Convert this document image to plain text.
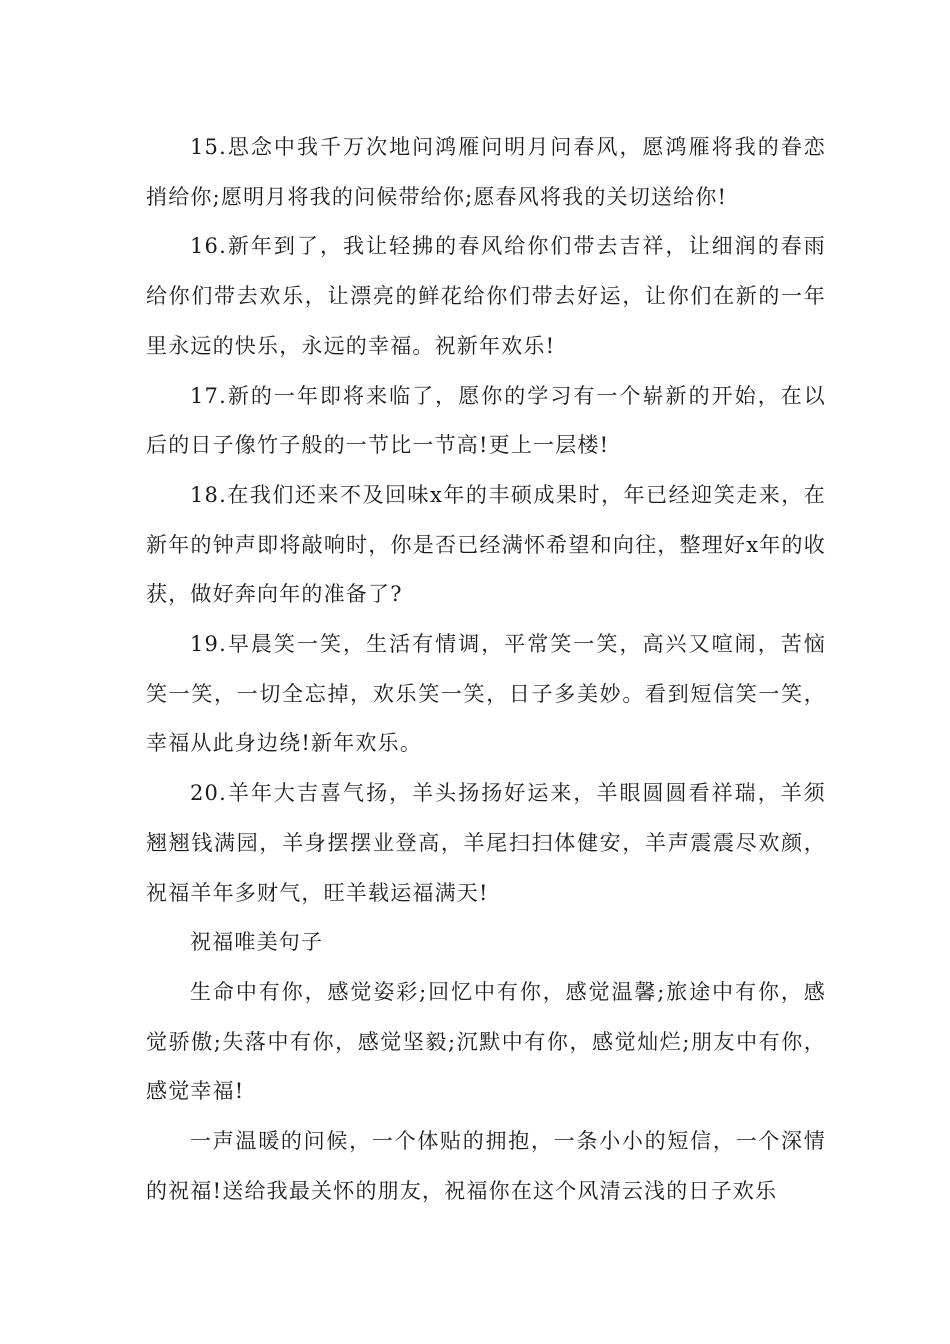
15.思念中我千万次地问鸿雁问明月问春风，愿鸿雁将我的眷恋捎给你;愿明月将我的问候带给你;愿春风将我的关切送给你!

16.新年到了，我让轻拂的春风给你们带去吉祥，让细润的春雨给你们带去欢乐，让漂亮的鲜花给你们带去好运，让你们在新的一年里永远的快乐，永远的幸福。祝新年欢乐!

17.新的一年即将来临了，愿你的学习有一个崭新的开始，在以后的日子像竹子般的一节比一节高!更上一层楼!

18.在我们还来不及回味x年的丰硕成果时，年已经迎笑走来，在新年的钟声即将敲响时，你是否已经满怀希望和向往，整理好x年的收获，做好奔向年的准备了?

19.早晨笑一笑，生活有情调，平常笑一笑，高兴又喧闹，苦恼笑一笑，一切全忘掉，欢乐笑一笑，日子多美妙。看到短信笑一笑，幸福从此身边绕!新年欢乐。

20.羊年大吉喜气扬，羊头扬扬好运来，羊眼圆圆看祥瑞，羊须翘翘钱满园，羊身摆摆业登高，羊尾扫扫体健安，羊声震震尽欢颜，祝福羊年多财气，旺羊载运福满天!

祝福唯美句子

生命中有你，感觉姿彩;回忆中有你，感觉温馨;旅途中有你，感觉骄傲;失落中有你，感觉坚毅;沉默中有你，感觉灿烂;朋友中有你，感觉幸福!

一声温暖的问候，一个体贴的拥抱，一条小小的短信，一个深情的祝福!送给我最关怀的朋友，祝福你在这个风清云浅的日子欢乐
